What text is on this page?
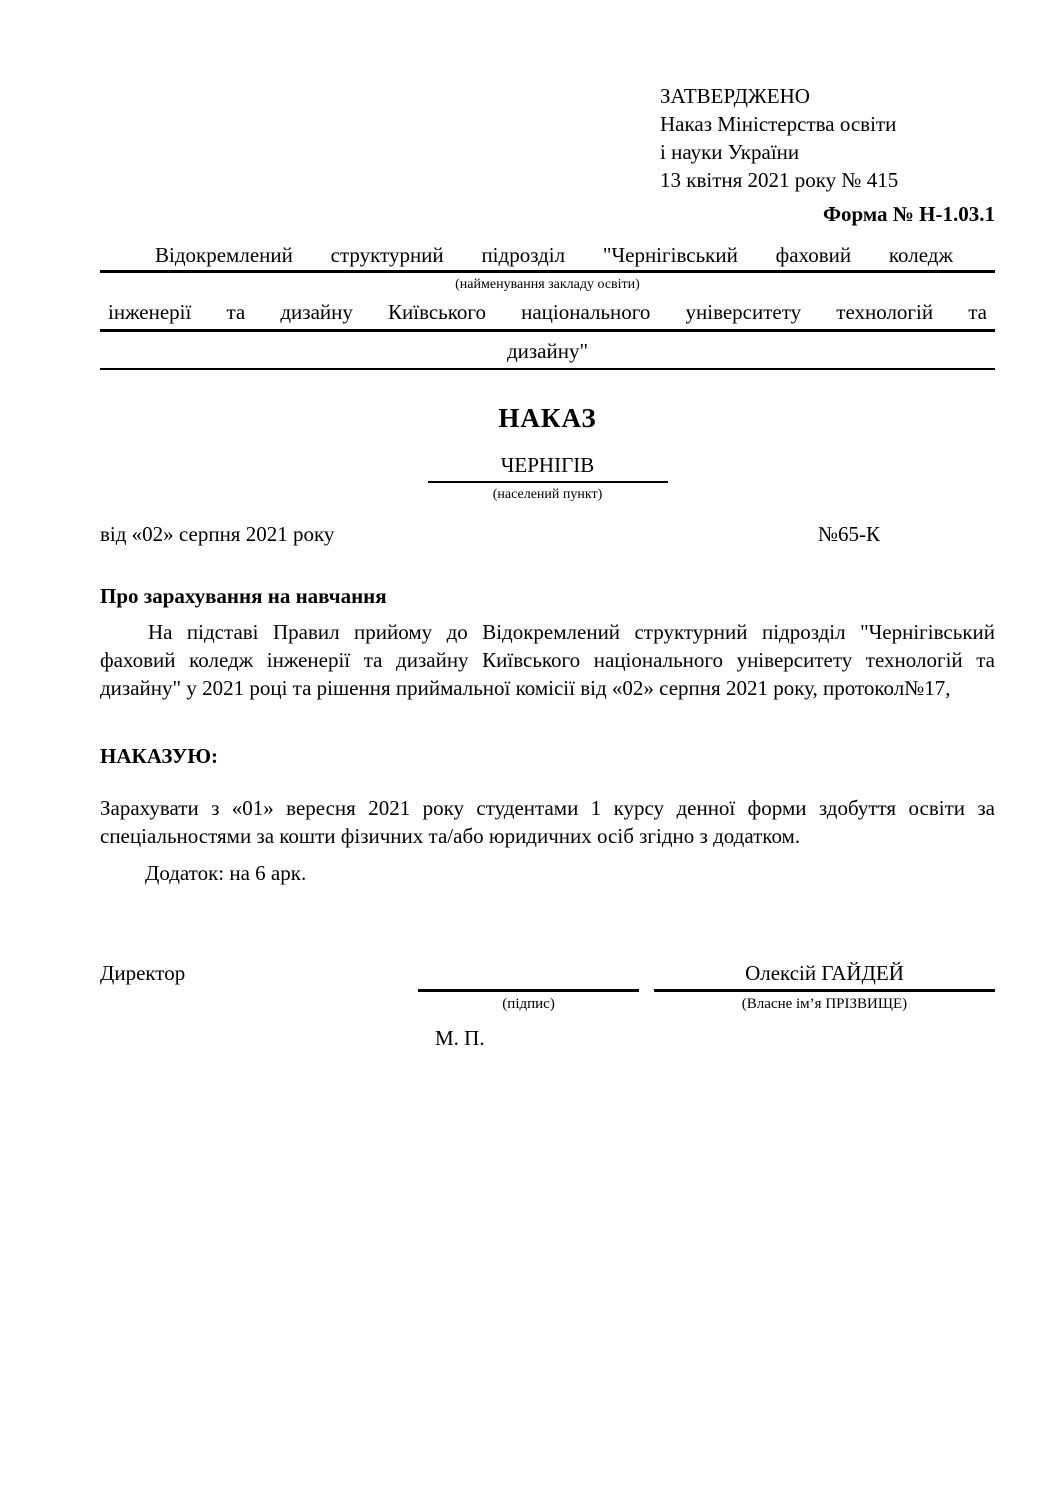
ЗАТВЕРДЖЕНО
Наказ Міністерства освіти
і науки України
13 квітня 2021 року № 415
Форма № Н-1.03.1
Відокремлений структурний підрозділ "Чернігівський фаховий коледж
(найменування закладу освіти)
інженерії та дизайну Київського національного університету технологій та
дизайну"
НАКАЗ
ЧЕРНІГІВ
(населений пункт)
від «02» серпня 2021 року	№65-К
Про зарахування на навчання
На підставі Правил прийому до Відокремлений структурний підрозділ "Чернігівський фаховий коледж інженерії та дизайну Київського національного університету технологій та дизайну" у 2021 році та рішення приймальної комісії від «02» серпня 2021 року, протокол№17,
НАКАЗУЮ:
Зарахувати з «01» вересня 2021 року студентами 1 курсу денної форми здобуття освіти за спеціальностями за кошти фізичних та/або юридичних осіб згідно з додатком.
Додаток: на 6 арк.
Директор
(підпис)
Олексій ГАЙДЕЙ
(Власне ім’я ПРІЗВИЩЕ)
М. П.
